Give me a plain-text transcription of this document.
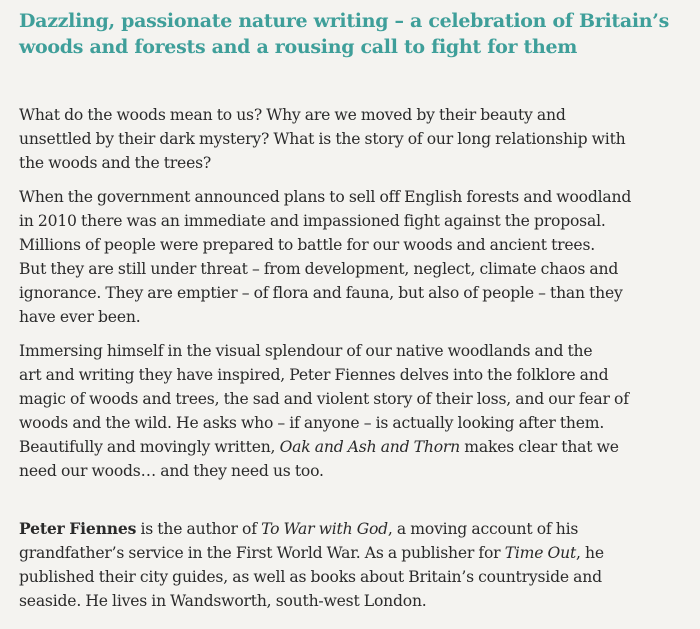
Dazzling, passionate nature writing – a celebration of Britain’s
woods and forests and a rousing call to fight for them

What do the woods mean to us? Why are we moved by their beauty and
unsettled by their dark mystery? What is the story of our long relationship with
the woods and the trees?

When the government announced plans to sell off English forests and woodland
in 2010 there was an immediate and impassioned fight against the proposal.
Millions of people were prepared to battle for our woods and ancient trees.
But they are still under threat – from development, neglect, climate chaos and
ignorance. They are emptier – of flora and fauna, but also of people – than they
have ever been.

Immersing himself in the visual splendour of our native woodlands and the
art and writing they have inspired, Peter Fiennes delves into the folklore and
magic of woods and trees, the sad and violent story of their loss, and our fear of
woods and the wild. He asks who – if anyone – is actually looking after them.
Beautifully and movingly written, Oak and Ash and Thorn makes clear that we
need our woods… and they need us too.

Peter Fiennes is the author of To War with God, a moving account of his
grandfather’s service in the First World War. As a publisher for Time Out, he
published their city guides, as well as books about Britain’s countryside and
seaside. He lives in Wandsworth, south-west London.
